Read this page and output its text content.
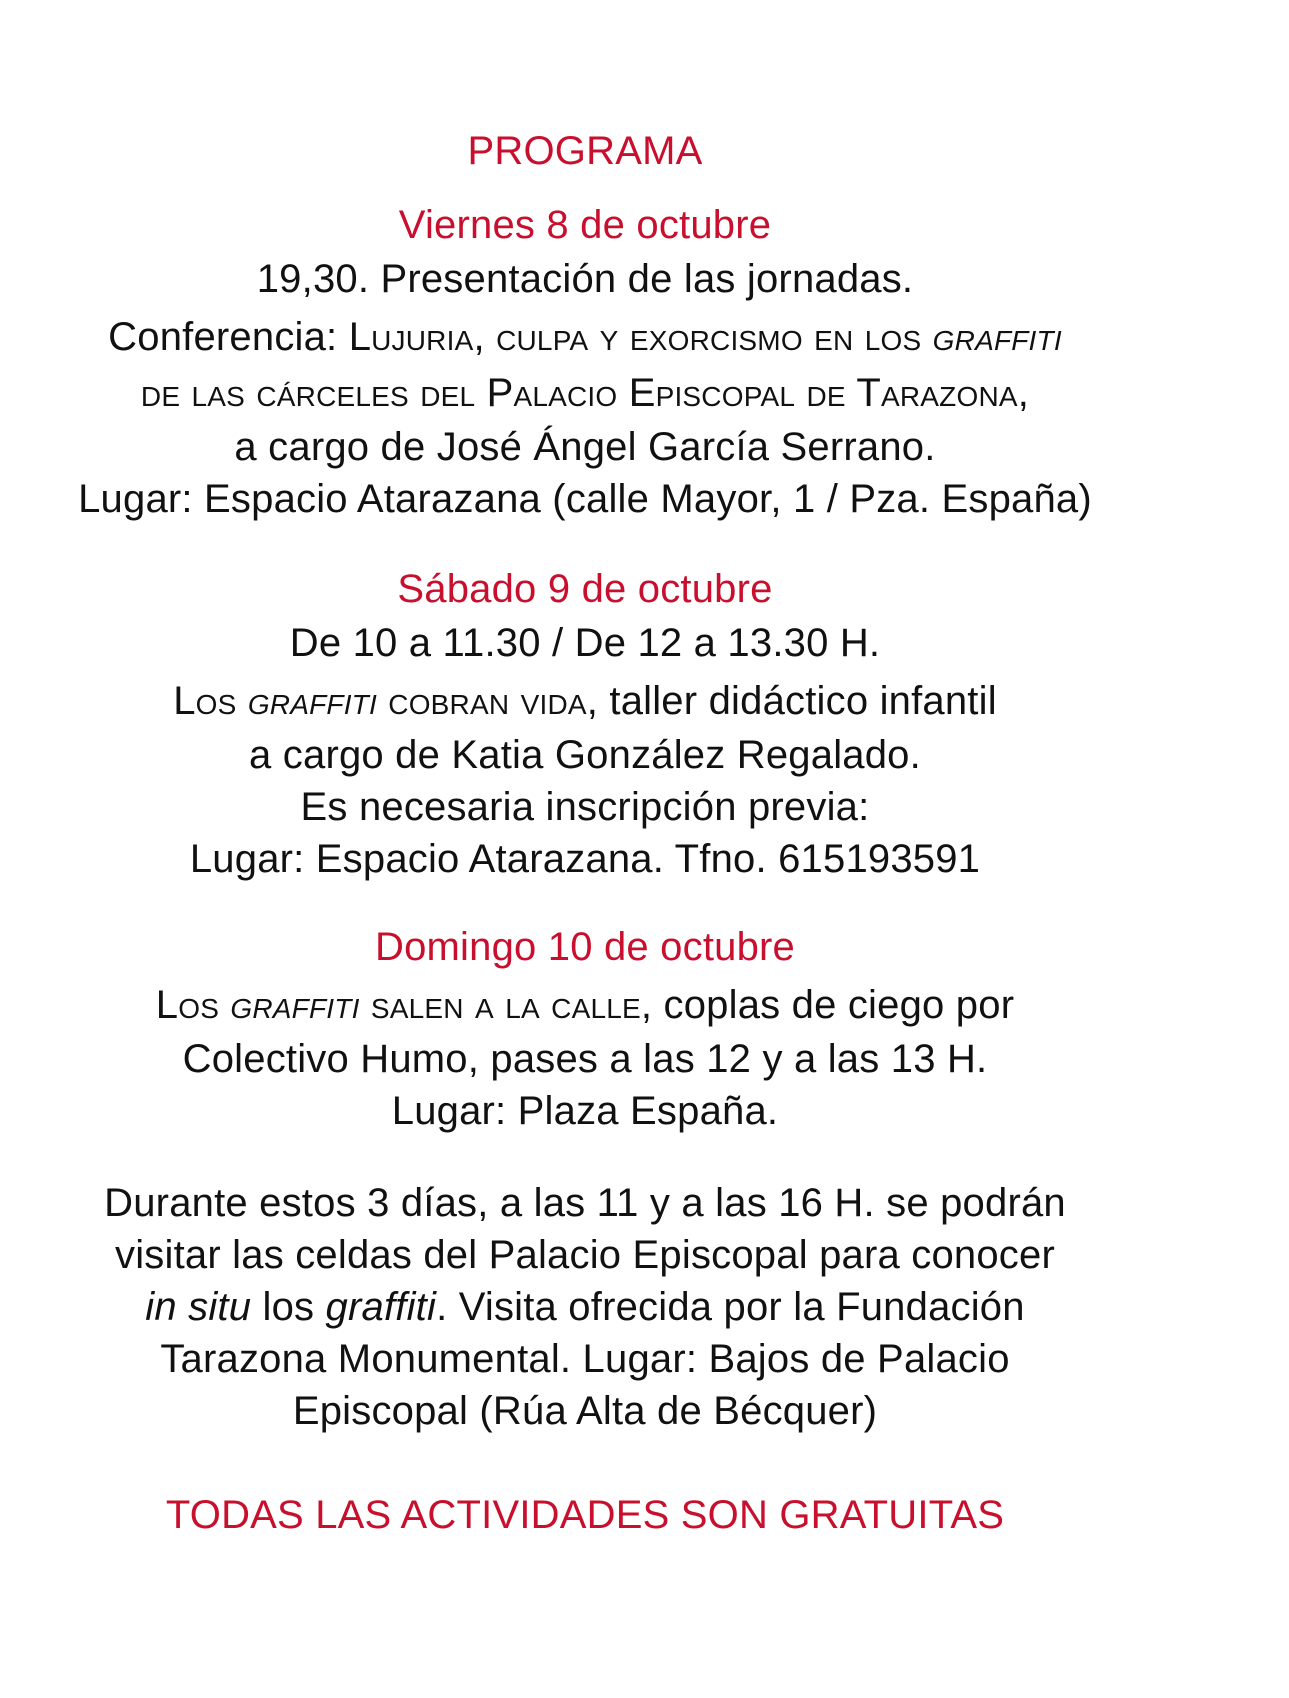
PROGRAMA
Viernes 8 de octubre
19,30. Presentación de las jornadas.
Conferencia: Lujuria, culpa y exorcismo en los graffiti
de las cárceles del Palacio Episcopal de Tarazona,
a cargo de José Ángel García Serrano.
Lugar: Espacio Atarazana (calle Mayor, 1 / Pza. España)
Sábado 9 de octubre
De 10 a 11.30 / De 12 a 13.30 H.
Los graffiti cobran vida, taller didáctico infantil
a cargo de Katia González Regalado.
Es necesaria inscripción previa:
Lugar: Espacio Atarazana. Tfno. 615193591
Domingo 10 de octubre
Los graffiti salen a la calle, coplas de ciego por
Colectivo Humo, pases a las 12 y a las 13 H.
Lugar: Plaza España.
Durante estos 3 días, a las 11 y a las 16 H. se podrán
visitar las celdas del Palacio Episcopal para conocer
in situ los graffiti. Visita ofrecida por la Fundación
Tarazona Monumental. Lugar: Bajos de Palacio
Episcopal (Rúa Alta de Bécquer)
TODAS LAS ACTIVIDADES SON GRATUITAS
